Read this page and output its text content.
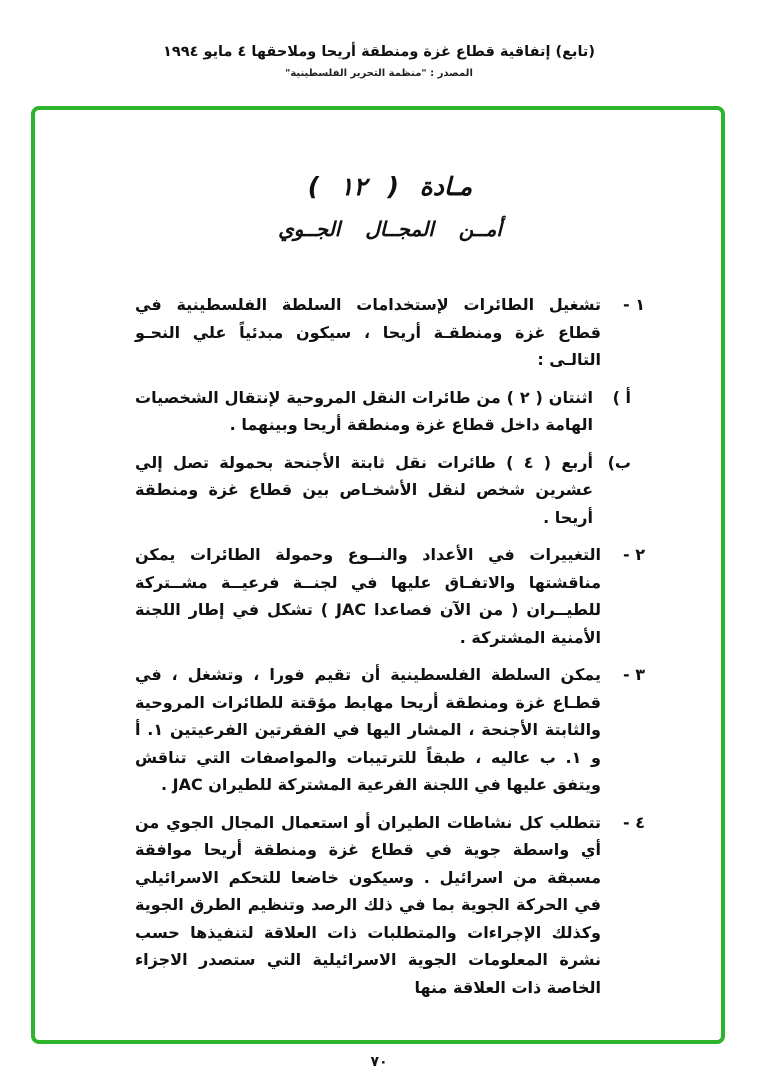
(تابع) إتفاقية قطاع غزة ومنطقة أريحا وملاحقها ٤ مايو ١٩٩٤
المصدر : "منظمة التحرير الفلسطينية"
مـادة ( ١٢ )
أمــن المجــال الجــوي
١ -
تشغيل الطائرات لإستخدامات السلطة الفلسطينية في قطاع غزة ومنطقـة أريحا ، سيكون مبدئياً علي النحـو التالـى :
أ )
اثنتان ( ٢ ) من طائرات النقل المروحية لإنتقال الشخصيات الهامة داخل قطاع غزة ومنطقة أريحا وبينهما .
ب)
أربع ( ٤ ) طائرات نقل ثابتة الأجنحة بحمولة تصل إلي عشرين شخص لنقل الأشخـاص بين قطاع غزة ومنطقة أريحا .
٢ -
التغييرات في الأعداد والنــوع وحمولة الطائرات يمكن مناقشتها والاتفـاق عليها في لجنــة فرعيــة مشــتركة للطيــران ( من الآن فصاعدا JAC ) تشكل في إطار اللجنة الأمنية المشتركة .
٣ -
يمكن السلطة الفلسطينية أن تقيم فورا ، وتشغل ، في قطـاع غزة ومنطقة أريحا مهابط مؤقتة للطائرات المروحية والثابتة الأجنحة ، المشار اليها في الفقرتين الفرعيتين ١. أ و ١. ب عاليه ، طبقاً للترتيبات والمواصفات التي تناقش ويتفق عليها في اللجنة الفرعية المشتركة للطيران JAC .
٤ -
تتطلب كل نشاطات الطيران أو استعمال المجال الجوي من أي واسطة جوية في قطاع غزة ومنطقة أريحا موافقة مسبقة من اسرائيل . وسيكون خاضعا للتحكم الاسرائيلي في الحركة الجوية بما في ذلك الرصد وتنظيم الطرق الجوية وكذلك الإجراءات والمتطلبات ذات العلاقة لتنفيذها حسب نشرة المعلومات الجوية الاسرائيلية التي ستصدر الاجزاء الخاصة ذات العلاقة منها
٧٠
